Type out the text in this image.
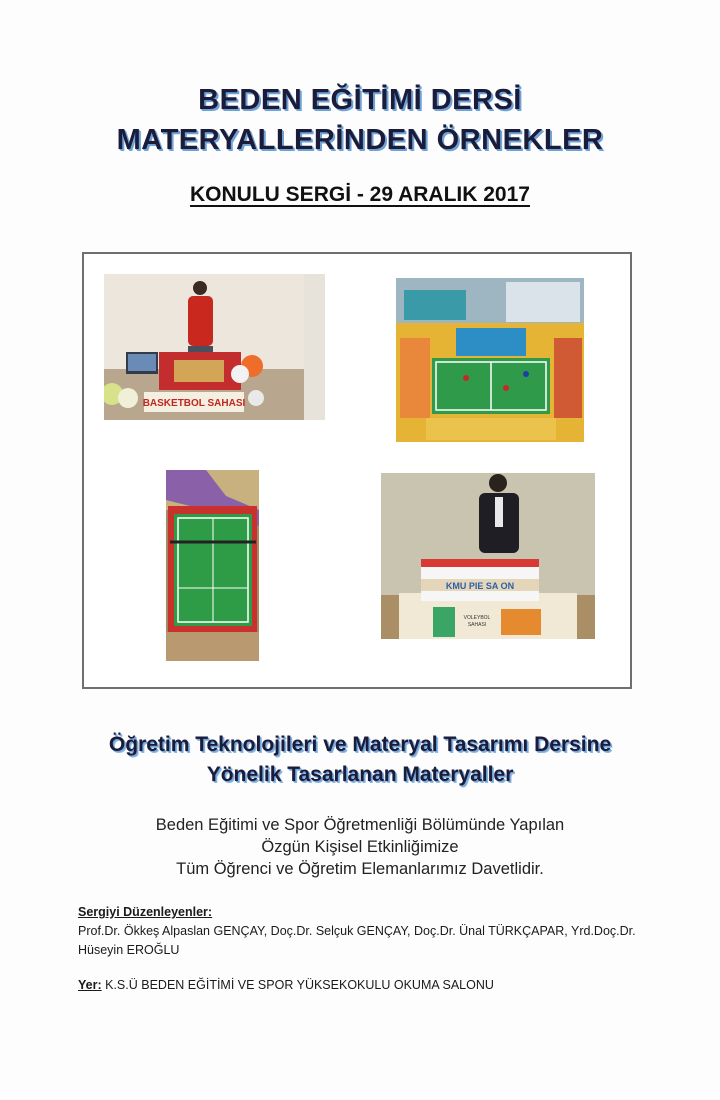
BEDEN EĞİTİMİ DERSİ
MATERYALLERİNDEN ÖRNEKLER
KONULU SERGİ - 29 ARALIK 2017
BASKETBOL SAHASI
KMU PIE SA ON
VOLEYBOL
SAHASI
Öğretim Teknolojileri ve Materyal Tasarımı Dersine
Yönelik Tasarlanan Materyaller
Beden Eğitimi ve Spor Öğretmenliği Bölümünde Yapılan
Özgün Kişisel Etkinliğimize
Tüm Öğrenci ve Öğretim Elemanlarımız Davetlidir.
Sergiyi Düzenleyenler:
Prof.Dr. Ökkeş Alpaslan GENÇAY, Doç.Dr. Selçuk GENÇAY, Doç.Dr. Ünal TÜRKÇAPAR, Yrd.Doç.Dr.
Hüseyin EROĞLU
Yer: K.S.Ü BEDEN EĞİTİMİ VE SPOR YÜKSEKOKULU OKUMA SALONU
